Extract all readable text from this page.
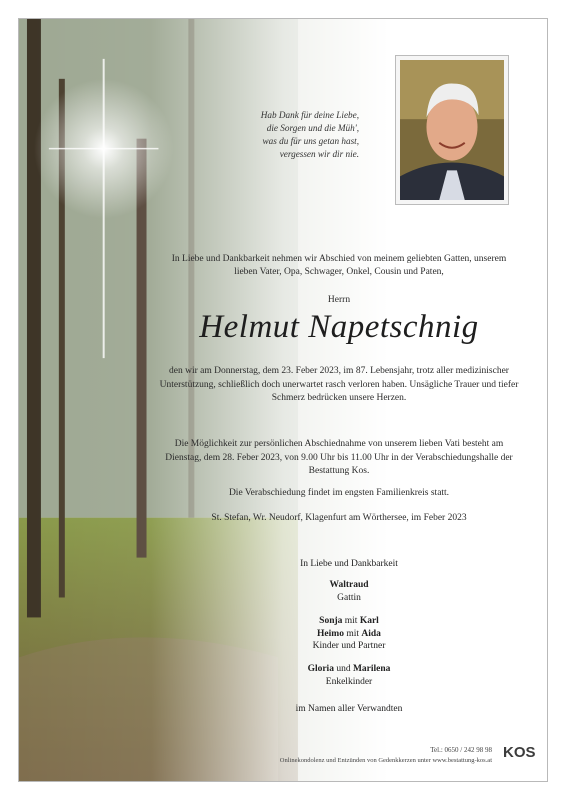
Hab Dank für deine Liebe,
die Sorgen und die Müh',
was du für uns getan hast,
vergessen wir dir nie.
In Liebe und Dankbarkeit nehmen wir Abschied von meinem geliebten Gatten, unserem lieben Vater, Opa, Schwager, Onkel, Cousin und Paten,
Herrn
Helmut Napetschnig
den wir am Donnerstag, dem 23. Feber 2023, im 87. Lebensjahr, trotz aller medizinischer Unterstützung, schließlich doch unerwartet rasch verloren haben. Unsägliche Trauer und tiefer Schmerz bedrücken unsere Herzen.
Die Möglichkeit zur persönlichen Abschiednahme von unserem lieben Vati besteht am Dienstag, dem 28. Feber 2023, von 9.00 Uhr bis 11.00 Uhr in der Verabschiedungshalle der Bestattung Kos.
Die Verabschiedung findet im engsten Familienkreis statt.
St. Stefan, Wr. Neudorf, Klagenfurt am Wörthersee, im Feber 2023
In Liebe und Dankbarkeit
Waltraud
Gattin
Sonja mit Karl
Heimo mit Aida
Kinder und Partner
Gloria und Marilena
Enkelkinder
im Namen aller Verwandten
Tel.: 0650 / 242 98 98
Onlinekondolenz und Entzünden von Gedenkkerzen unter www.bestattung-kos.at KOS
